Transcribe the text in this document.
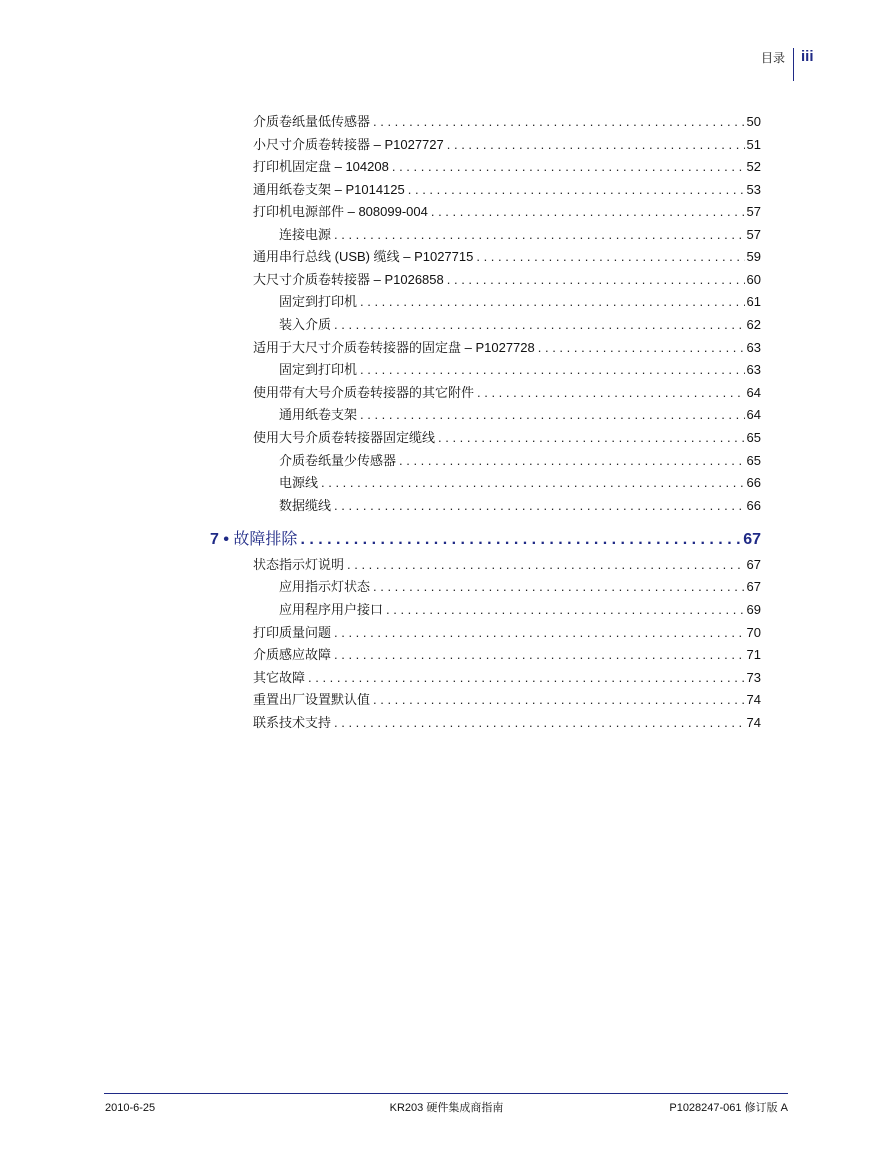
目录 iii
介质卷纸量低传感器 . . .	50
小尺寸介质卷转接器 – P1027727 . . .	51
打印机固定盘 – 104208 . . .	52
通用纸卷支架 – P1014125 . . .	53
打印机电源部件 – 808099-004 . . .	57
连接电源 . . .	57
通用串行总线 (USB) 缆线 – P1027715 . . .	59
大尺寸介质卷转接器 – P1026858 . . .	60
固定到打印机 . . .	61
装入介质 . . .	62
适用于大尺寸介质卷转接器的固定盘 – P1027728 . . .	63
固定到打印机 . . .	63
使用带有大号介质卷转接器的其它附件 . . .	64
通用纸卷支架 . . .	64
使用大号介质卷转接器固定缆线 . . .	65
介质卷纸量少传感器 . . .	65
电源线 . . .	66
数据缆线 . . .	66
7 • 故障排除 . . .	67
状态指示灯说明 . . .	67
应用指示灯状态 . . .	67
应用程序用户接口 . . .	69
打印质量问题 . . .	70
介质感应故障 . . .	71
其它故障 . . .	73
重置出厂设置默认值 . . .	74
联系技术支持 . . .	74
2010-6-25	KR203 硬件集成商指南	P1028247-061 修订版 A
